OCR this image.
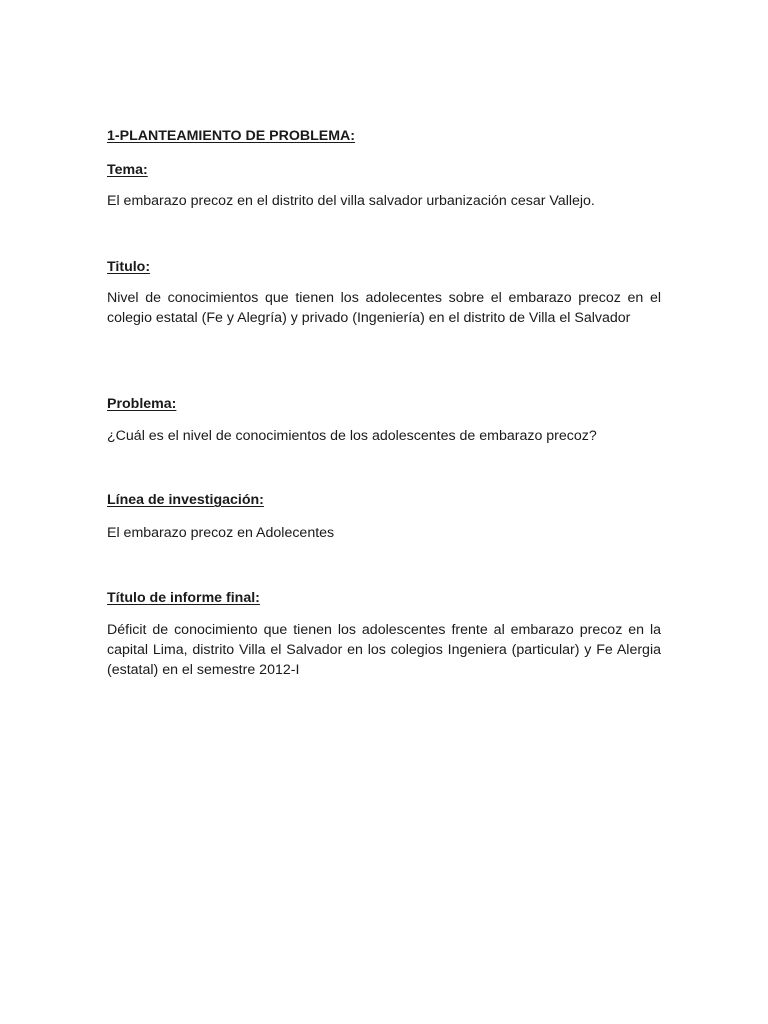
1-PLANTEAMIENTO DE PROBLEMA:

Tema:

El embarazo precoz en el distrito del villa salvador urbanización cesar Vallejo.

Titulo:

Nivel de conocimientos que tienen los adolecentes sobre el embarazo precoz en el colegio estatal (Fe y Alegría) y privado (Ingeniería) en el distrito de Villa el Salvador

Problema:

¿Cuál es el nivel de conocimientos de los adolescentes de embarazo precoz?

Línea de investigación:

El embarazo precoz en Adolecentes

Título de informe final:

Déficit de conocimiento que tienen los adolescentes frente al embarazo precoz en la capital Lima, distrito Villa el Salvador en los colegios Ingeniera (particular) y Fe Alergia (estatal) en el semestre 2012-I
